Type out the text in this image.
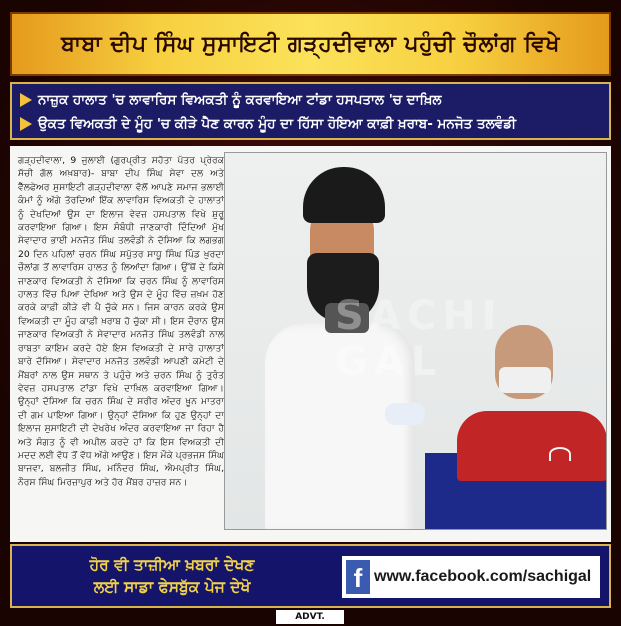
ਬਾਬਾ ਦੀਪ ਸਿੰਘ ਸੁਸਾਇਟੀ ਗੜ੍ਹਦੀਵਾਲਾ ਪਹੁੰਚੀ ਚੌਲਾਂਗ ਵਿਖੇ
ਨਾਜ਼ੁਕ ਹਾਲਾਤ 'ਚ ਲਾਵਾਰਿਸ ਵਿਅਕਤੀ ਨੂੰ ਕਰਵਾਇਆ ਟਾਂਡਾ ਹਸਪਤਾਲ 'ਚ ਦਾਖ਼ਿਲ
ਉਕਤ ਵਿਅਕਤੀ ਦੇ ਮੂੰਹ 'ਚ ਕੀੜੇ ਪੈਣ ਕਾਰਨ ਮੂੰਹ ਦਾ ਹਿੱਸਾ ਹੋਇਆ ਕਾਫ਼ੀ ਖ਼ਰਾਬ- ਮਨਜੋਤ ਤਲਵੰਡੀ
ਗੜ੍ਹਦੀਵਾਲਾ, 9 ਜੁਲਾਈ (ਗੁਰਪ੍ਰੀਤ ਸਹੋਤਾ ਪੱਤਰ ਪ੍ਰੇਰਕ ਸੱਚੀ ਗੱਲ ਅਖ਼ਬਾਰ)- ਬਾਬਾ ਦੀਪ ਸਿੰਘ ਸੇਵਾ ਦਲ ਅਤੇ ਵੈੱਲਫੇਅਰ ਸੁਸਾਇਟੀ ਗੜ੍ਹਦੀਵਾਲਾ ਵੱਲੋਂ ਆਪਣੇ ਸਮਾਜ ਭਲਾਈ ਕੰਮਾਂ ਨੂੰ ਅੱਗੇ ਤੋਰਦਿਆਂ ਇੱਕ ਲਾਵਾਰਿਸ ਵਿਅਕਤੀ ਦੇ ਹਾਲਾਤਾਂ ਨੂੰ ਦੇਖਦਿਆਂ ਉਸ ਦਾ ਇਲਾਜ ਵੇਵਜ਼ ਹਸਪਤਾਲ ਵਿਖੇ ਸ਼ੁਰੂ ਕਰਵਾਇਆ ਗਿਆ। ਇਸ ਸੰਬੰਧੀ ਜਾਣਕਾਰੀ ਦਿੰਦਿਆਂ ਮੁੱਖ ਸੇਵਾਦਾਰ ਭਾਈ ਮਨਜੋਤ ਸਿੰਘ ਤਲਵੰਡੀ ਨੇ ਦੱਸਿਆ ਕਿ ਲਗਭਗ 20 ਦਿਨ ਪਹਿਲਾਂ ਚਰਨ ਸਿੰਘ ਸਪੁੱਤਰ ਸਾਧੂ ਸਿੰਘ ਪਿੰਡ ਖ਼ੁਰਦਾ ਚੌਲਾਂਗ ਤੋਂ ਲਾਵਾਰਿਸ ਹਾਲਤ ਨੂੰ ਲਿਆਂਦਾ ਗਿਆ। ਉੱਥੋਂ ਦੇ ਕਿਸੇ ਜਾਣਕਾਰ ਵਿਅਕਤੀ ਨੇ ਦੱਸਿਆ ਕਿ ਚਰਨ ਸਿੰਘ ਨੂੰ ਲਾਵਾਰਿਸ ਹਾਲਤ ਵਿੱਚ ਪਿਆ ਦੇਖਿਆ ਅਤੇ ਉਸ ਦੇ ਮੂੰਹ ਵਿੱਚ ਜ਼ਖ਼ਮ ਹੋਣ ਕਰਕੇ ਕਾਫ਼ੀ ਕੀੜੇ ਵੀ ਪੈ ਚੁੱਕੇ ਸਨ। ਜਿਸ ਕਾਰਨ ਕਰਕੇ ਉਸ ਵਿਅਕਤੀ ਦਾ ਮੂੰਹ ਕਾਫ਼ੀ ਖ਼ਰਾਬ ਹੋ ਚੁੱਕਾ ਸੀ। ਇਸ ਦੌਰਾਨ ਉਸ ਜਾਣਕਾਰ ਵਿਅਕਤੀ ਨੇ ਸੇਵਾਦਾਰ ਮਨਜੋਤ ਸਿੰਘ ਤਲਵੰਡੀ ਨਾਲ ਰਾਬਤਾ ਕਾਇਮ ਕਰਦੇ ਹੋਏ ਇਸ ਵਿਅਕਤੀ ਦੇ ਸਾਰੇ ਹਾਲਾਤਾਂ ਬਾਰੇ ਦੱਸਿਆ। ਸੇਵਾਦਾਰ ਮਨਜੋਤ ਤਲਵੰਡੀ ਆਪਣੀ ਕਮੇਟੀ ਦੇ ਮੈਂਬਰਾਂ ਨਾਲ ਉਸ ਸਥਾਨ ਤੇ ਪਹੁੰਚੇ ਅਤੇ ਚਰਨ ਸਿੰਘ ਨੂੰ ਤੁਰੰਤ ਵੇਵਜ਼ ਹਸਪਤਾਲ ਟਾਂਡਾ ਵਿਖੇ ਦਾਖ਼ਿਲ ਕਰਵਾਇਆ ਗਿਆ। ਉਨ੍ਹਾਂ ਦੱਸਿਆ ਕਿ ਚਰਨ ਸਿੰਘ ਦੇ ਸਰੀਰ ਅੰਦਰ ਖ਼ੂਨ ਮਾਤਰਾ ਦੀ ਗਮ ਪਾਇਆ ਗਿਆ। ਉਨ੍ਹਾਂ ਦੱਸਿਆ ਕਿ ਹੁਣ ਉਨ੍ਹਾਂ ਦਾ ਇਲਾਜ ਸੁਸਾਇਟੀ ਦੀ ਦੇਖਰੇਖ ਅੰਦਰ ਕਰਵਾਇਆ ਜਾ ਰਿਹਾ ਹੈ ਅਤੇ ਸੰਗਤ ਨੂੰ ਵੀ ਅਪੀਲ ਕਰਦੇ ਹਾਂ ਕਿ ਇਸ ਵਿਅਕਤੀ ਦੀ ਮਦਦ ਲਈ ਵੱਧ ਤੋਂ ਵੱਧ ਅੱਗੇ ਆਉਣ। ਇਸ ਮੌਕੇ ਪ੍ਰਭਜਸ ਸਿੰਘ ਬਾਜਵਾ, ਬਲਜੀਤ ਸਿੰਘ, ਮਨਿੰਦਰ ਸਿੰਘ, ਐਮਪ੍ਰੀਤ ਸਿੰਘ, ਨੌਰਸ ਸਿੰਘ ਮਿਰਜ਼ਾਪੁਰ ਅਤੇ ਹੋਰ ਮੈਂਬਰ ਹਾਜ਼ਰ ਸਨ।
SACHI GAL
ਹੋਰ ਵੀ ਤਾਜ਼ੀਆ ਖ਼ਬਰਾਂ ਦੇਖਣ
ਲਈ ਸਾਡਾ ਫੇਸਬੁੱਕ ਪੇਜ ਦੇਖੋ	f www.facebook.com/sachigal
ADVT.
